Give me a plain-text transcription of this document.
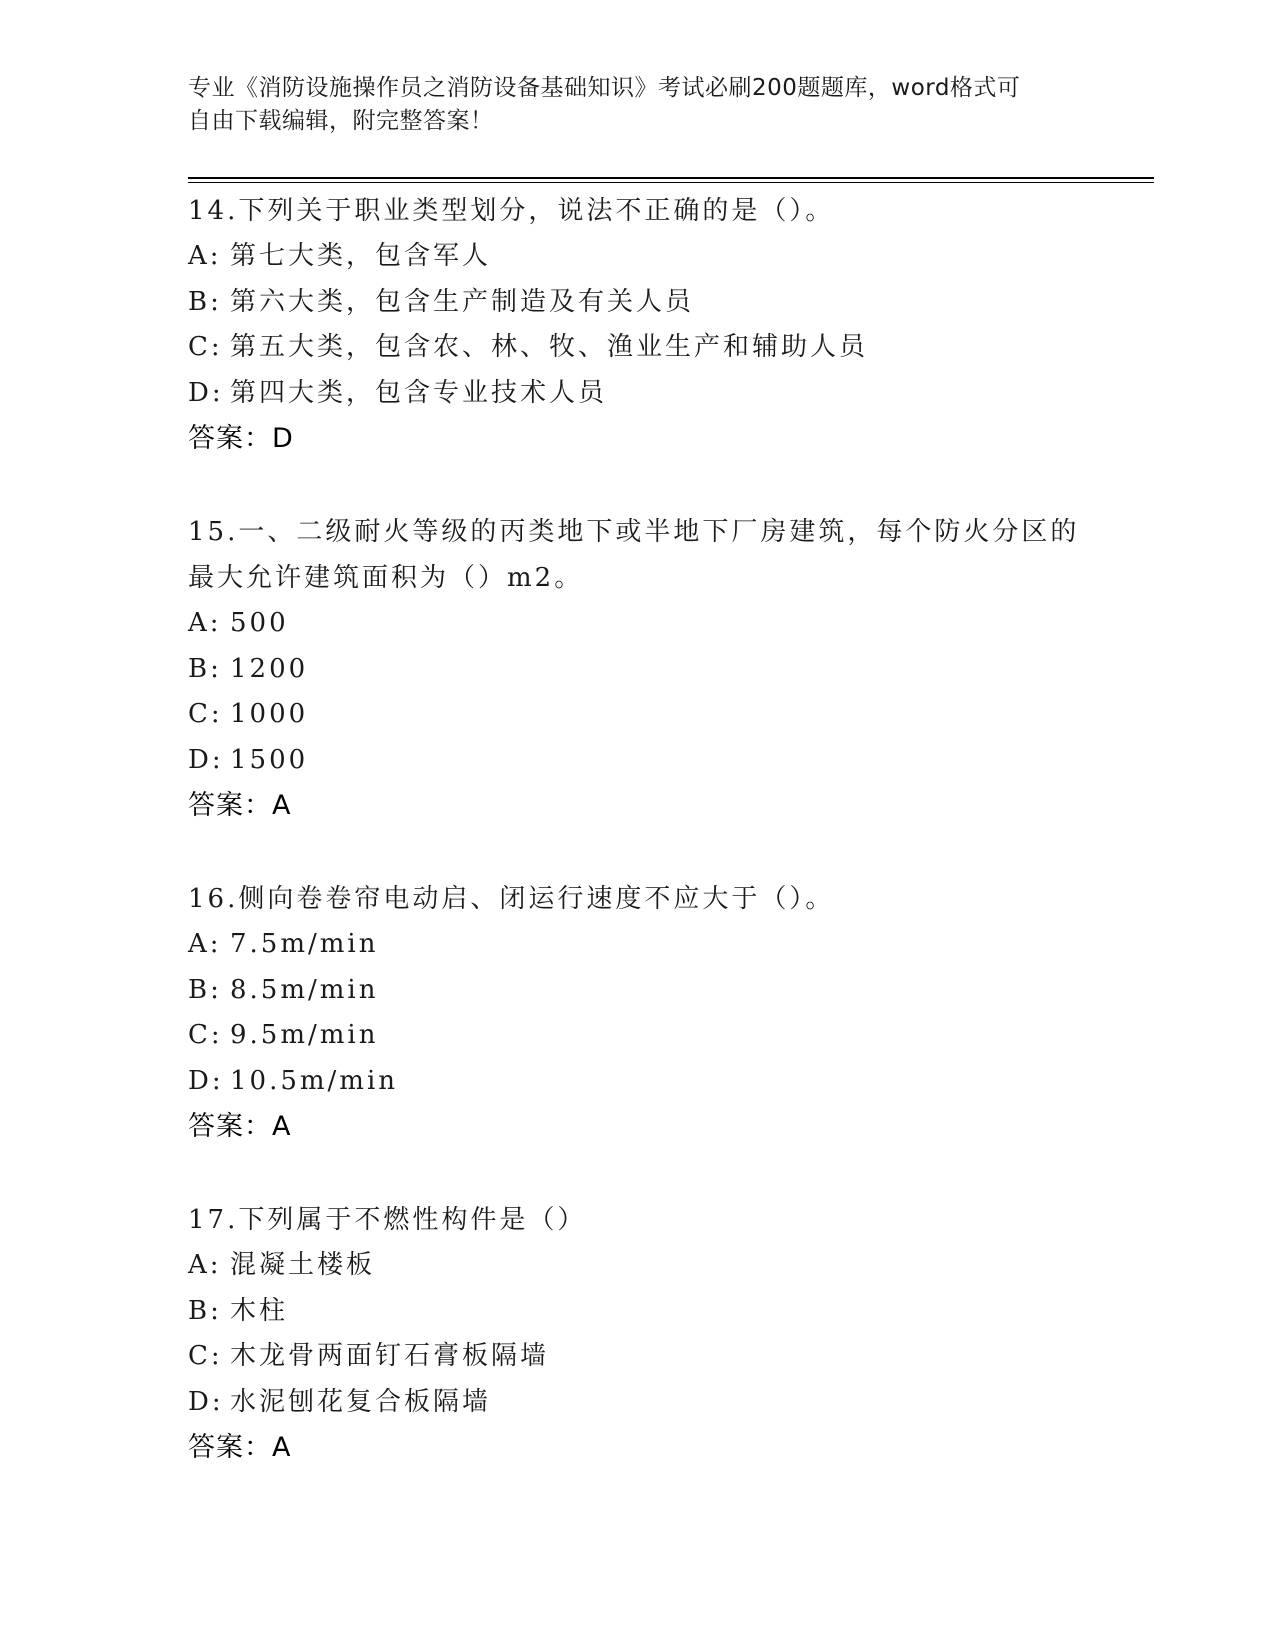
专业《消防设施操作员之消防设备基础知识》考试必刷200题题库，word格式可
自由下载编辑，附完整答案！
14.下列关于职业类型划分，说法不正确的是（）。
A: 第七大类，包含军人
B: 第六大类，包含生产制造及有关人员
C: 第五大类，包含农、林、牧、渔业生产和辅助人员
D: 第四大类，包含专业技术人员
答案：D
15.一、二级耐火等级的丙类地下或半地下厂房建筑，每个防火分区的
最大允许建筑面积为（）m2。
A: 500
B: 1200
C: 1000
D: 1500
答案：A
16.侧向卷卷帘电动启、闭运行速度不应大于（）。
A: 7.5m/min
B: 8.5m/min
C: 9.5m/min
D: 10.5m/min
答案：A
17.下列属于不燃性构件是（）
A: 混凝土楼板
B: 木柱
C: 木龙骨两面钉石膏板隔墙
D: 水泥刨花复合板隔墙
答案：A
